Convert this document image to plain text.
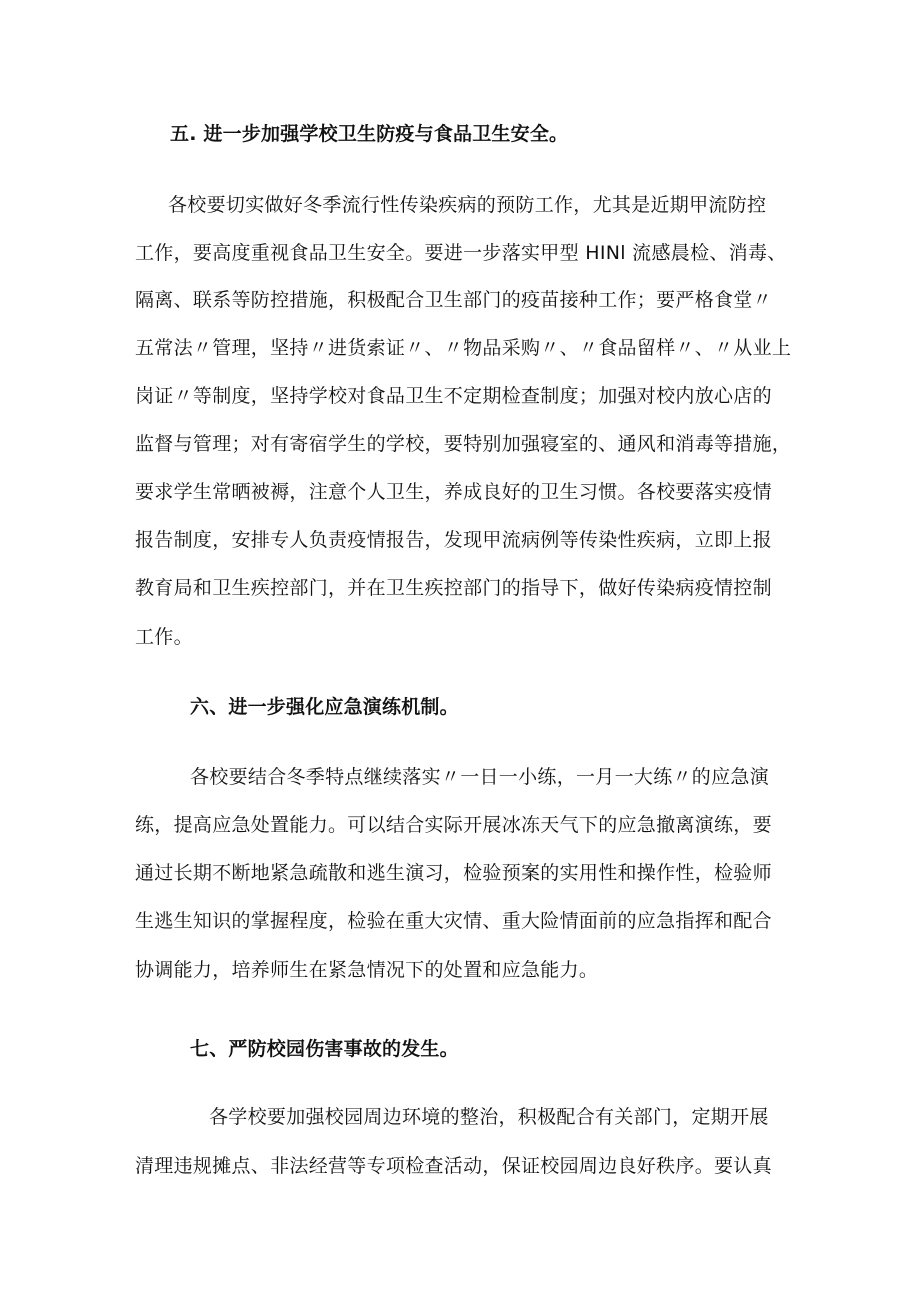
五. 进一步加强学校卫生防疫与食品卫生安全。
各校要切实做好冬季流行性传染疾病的预防工作，尤其是近期甲流防控
工作，要高度重视食品卫生安全。要进一步落实甲型 HINl 流感晨检、消毒、
隔离、联系等防控措施，积极配合卫生部门的疫苗接种工作；要严格食堂〃
五常法〃管理，坚持〃进货索证〃、〃物品采购〃、〃食品留样〃、〃从业上
岗证〃等制度，坚持学校对食品卫生不定期检查制度；加强对校内放心店的
监督与管理；对有寄宿学生的学校，要特别加强寝室的、通风和消毒等措施，
要求学生常晒被褥，注意个人卫生，养成良好的卫生习惯。各校要落实疫情
报告制度，安排专人负责疫情报告，发现甲流病例等传染性疾病，立即上报
教育局和卫生疾控部门，并在卫生疾控部门的指导下，做好传染病疫情控制
工作。
六、进一步强化应急演练机制。
各校要结合冬季特点继续落实〃一日一小练，一月一大练〃的应急演
练，提高应急处置能力。可以结合实际开展冰冻天气下的应急撤离演练，要
通过长期不断地紧急疏散和逃生演习，检验预案的实用性和操作性，检验师
生逃生知识的掌握程度，检验在重大灾情、重大险情面前的应急指挥和配合
协调能力，培养师生在紧急情况下的处置和应急能力。
七、严防校园伤害事故的发生。
各学校要加强校园周边环境的整治，积极配合有关部门，定期开展
清理违规摊点、非法经营等专项检查活动，保证校园周边良好秩序。要认真
